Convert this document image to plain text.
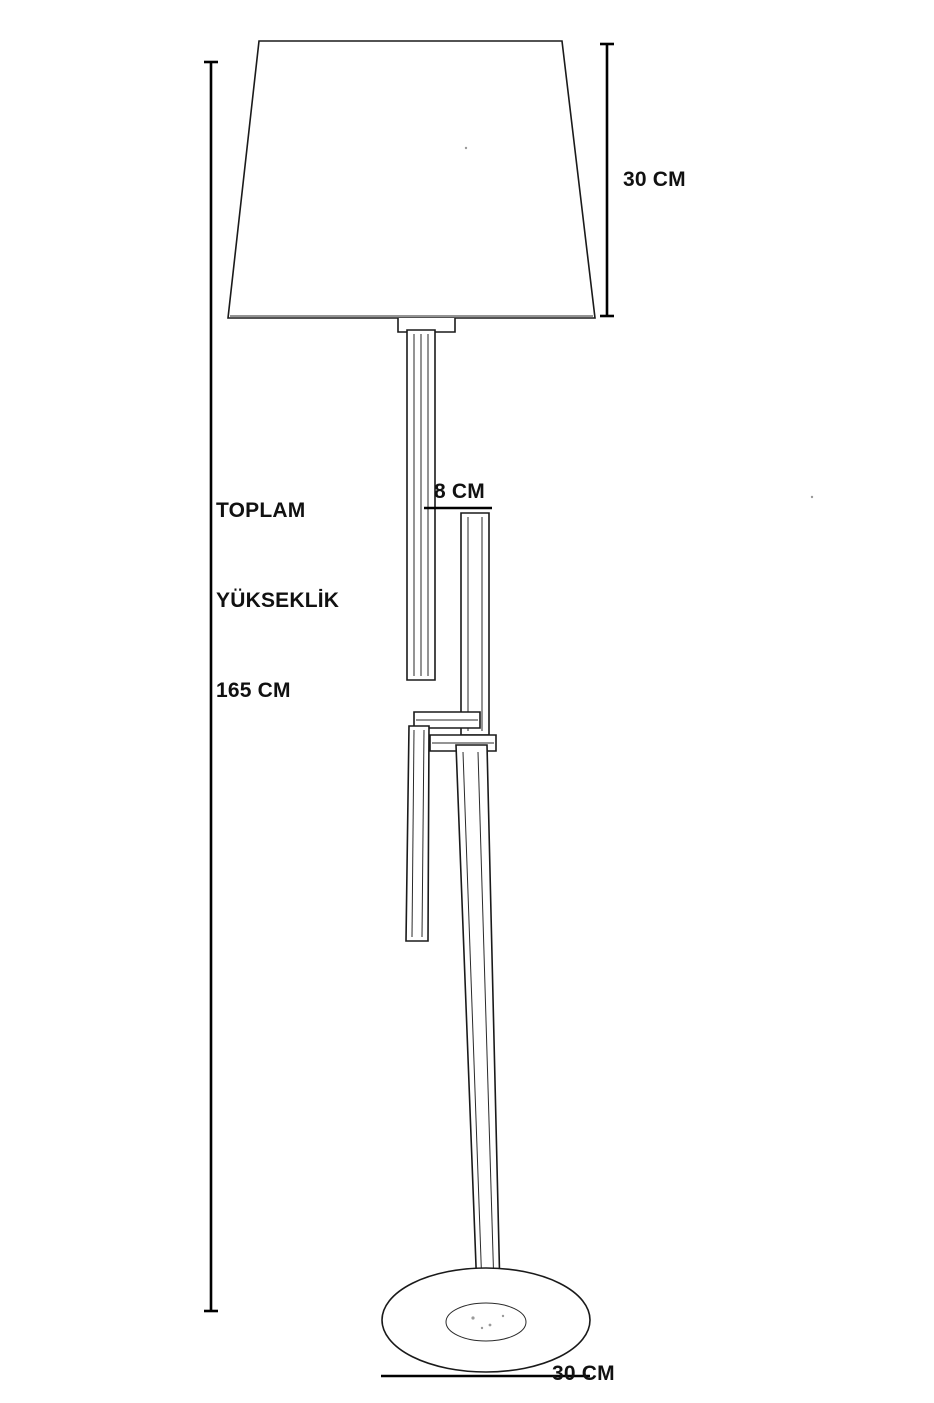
TOPLAM

YÜKSEKLİK

165 CM

30 CM
8 CM
30 CM
